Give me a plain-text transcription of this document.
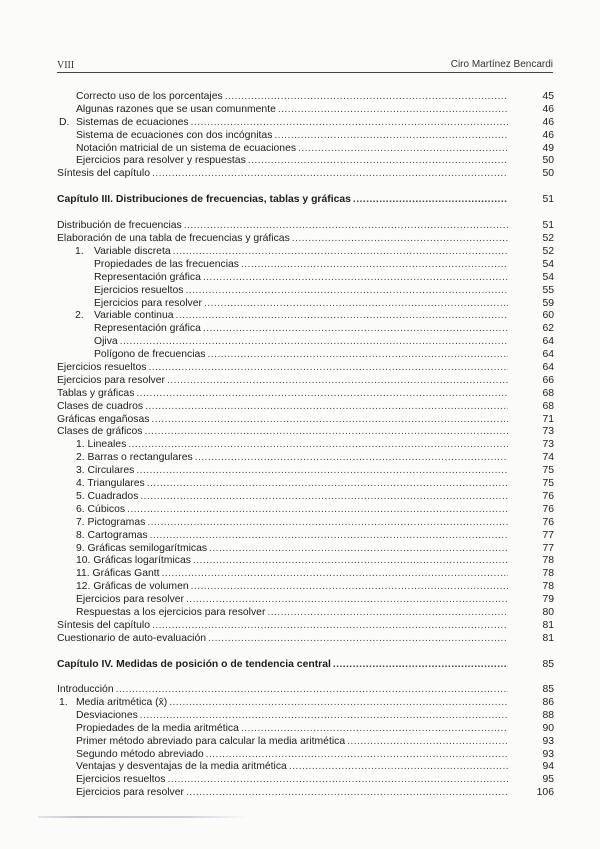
VIII	Ciro Martínez Bencardi
Correcto uso de los porcentajes .....	45
Algunas razones que se usan comunmente .....	46
D. Sistemas de ecuaciones .....	46
Sistema de ecuaciones con dos incógnitas .....	46
Notación matricial de un sistema de ecuaciones .....	49
Ejercicios para resolver y respuestas .....	50
Síntesis del capítulo .....	50
Capítulo III. Distribuciones de frecuencias, tablas y gráficas .....	51
Distribución de frecuencias .....	51
Elaboración de una tabla de frecuencias y gráficas .....	52
1. Variable discreta .....	52
Propiedades de las frecuencias .....	54
Representación gráfica .....	54
Ejercicios resueltos .....	55
Ejercicios para resolver .....	59
2. Variable continua .....	60
Representación gráfica .....	62
Ojiva .....	64
Polígono de frecuencias .....	64
Ejercicios resueltos .....	64
Ejercicios para resolver .....	66
Tablas y gráficas .....	68
Clases de cuadros .....	68
Gráficas engañosas .....	71
Clases de gráficos .....	73
1. Lineales .....	73
2. Barras o rectangulares .....	74
3. Circulares .....	75
4. Triangulares .....	75
5. Cuadrados .....	76
6. Cúbicos .....	76
7. Pictogramas .....	76
8. Cartogramas .....	77
9. Gráficas semilogarítmicas .....	77
10. Gráficas logarítmicas .....	78
11. Gráficas Gantt .....	78
12. Gráficas de volumen .....	78
Ejercicios para resolver .....	79
Respuestas a los ejercicios para resolver .....	80
Síntesis del capítulo .....	81
Cuestionario de auto-evaluación .....	81
Capítulo IV. Medidas de posición o de tendencia central .....	85
Introducción .....	85
1. Media aritmética (x̄) .....	86
Desviaciones .....	88
Propiedades de la media aritmética .....	90
Primer método abreviado para calcular la media aritmética .....	93
Segundo método abreviado .....	93
Ventajas y desventajas de la media aritmética .....	94
Ejercicios resueltos .....	95
Ejercicios para resolver .....	106
